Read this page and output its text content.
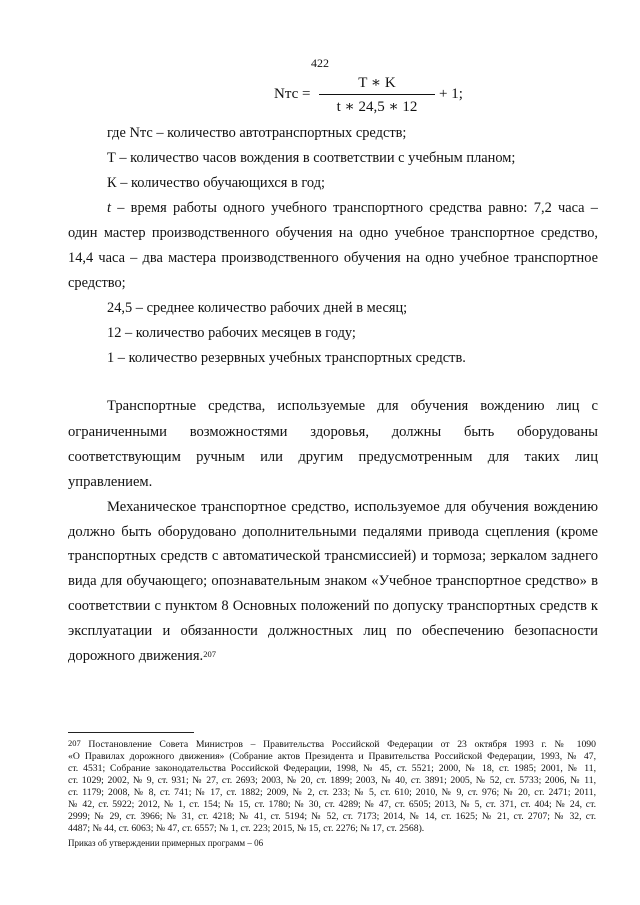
422
Nтс =
T ∗ K
t ∗ 24,5 ∗ 12
+ 1;
где Nтс – количество автотранспортных средств;
Т – количество часов вождения в соответствии с учебным планом;
К – количество обучающихся в год;
t – время работы одного учебного транспортного средства равно: 7,2 часа –
один мастер производственного обучения на одно учебное транспортное средство,
14,4 часа – два мастера производственного обучения на одно учебное транспортное
средство;
24,5 – среднее количество рабочих дней в месяц;
12 – количество рабочих месяцев в году;
1 – количество резервных учебных транспортных средств.
Транспортные средства, используемые для обучения вождению лиц с
ограниченными возможностями здоровья, должны быть оборудованы
соответствующим ручным или другим предусмотренным для таких лиц
управлением.
Механическое транспортное средство, используемое для обучения вождению
должно быть оборудовано дополнительными педалями привода сцепления (кроме
транспортных средств с автоматической трансмиссией) и тормоза; зеркалом заднего
вида для обучающего; опознавательным знаком «Учебное транспортное средство» в
соответствии с пунктом 8 Основных положений по допуску транспортных средств к
эксплуатации и обязанности должностных лиц по обеспечению безопасности
дорожного движения.$^{207}$
$^{207}$ Постановление Совета Министров – Правительства Российской Федерации от 23 октября 1993 г. № 1090
«О Правилах дорожного движения» (Собрание актов Президента и Правительства Российской Федерации, 1993, № 47,
ст. 4531; Собрание законодательства Российской Федерации, 1998, № 45, ст. 5521; 2000, № 18, ст. 1985; 2001, № 11,
ст. 1029; 2002, № 9, ст. 931; № 27, ст. 2693; 2003, № 20, ст. 1899; 2003, № 40, ст. 3891; 2005, № 52, ст. 5733; 2006, № 11,
ст. 1179; 2008, № 8, ст. 741; № 17, ст. 1882; 2009, № 2, ст. 233; № 5, ст. 610; 2010, № 9, ст. 976; № 20, ст. 2471; 2011,
№ 42, ст. 5922; 2012, № 1, ст. 154; № 15, ст. 1780; № 30, ст. 4289; № 47, ст. 6505; 2013, № 5, ст. 371, ст. 404; № 24, ст.
2999; № 29, ст. 3966; № 31, ст. 4218; № 41, ст. 5194; № 52, ст. 7173; 2014, № 14, ст. 1625; № 21, ст. 2707; № 32, ст.
4487; № 44, ст. 6063; № 47, ст. 6557; № 1, ст. 223; 2015, № 15, ст. 2276; № 17, ст. 2568).
Приказ об утверждении примерных программ – 06
